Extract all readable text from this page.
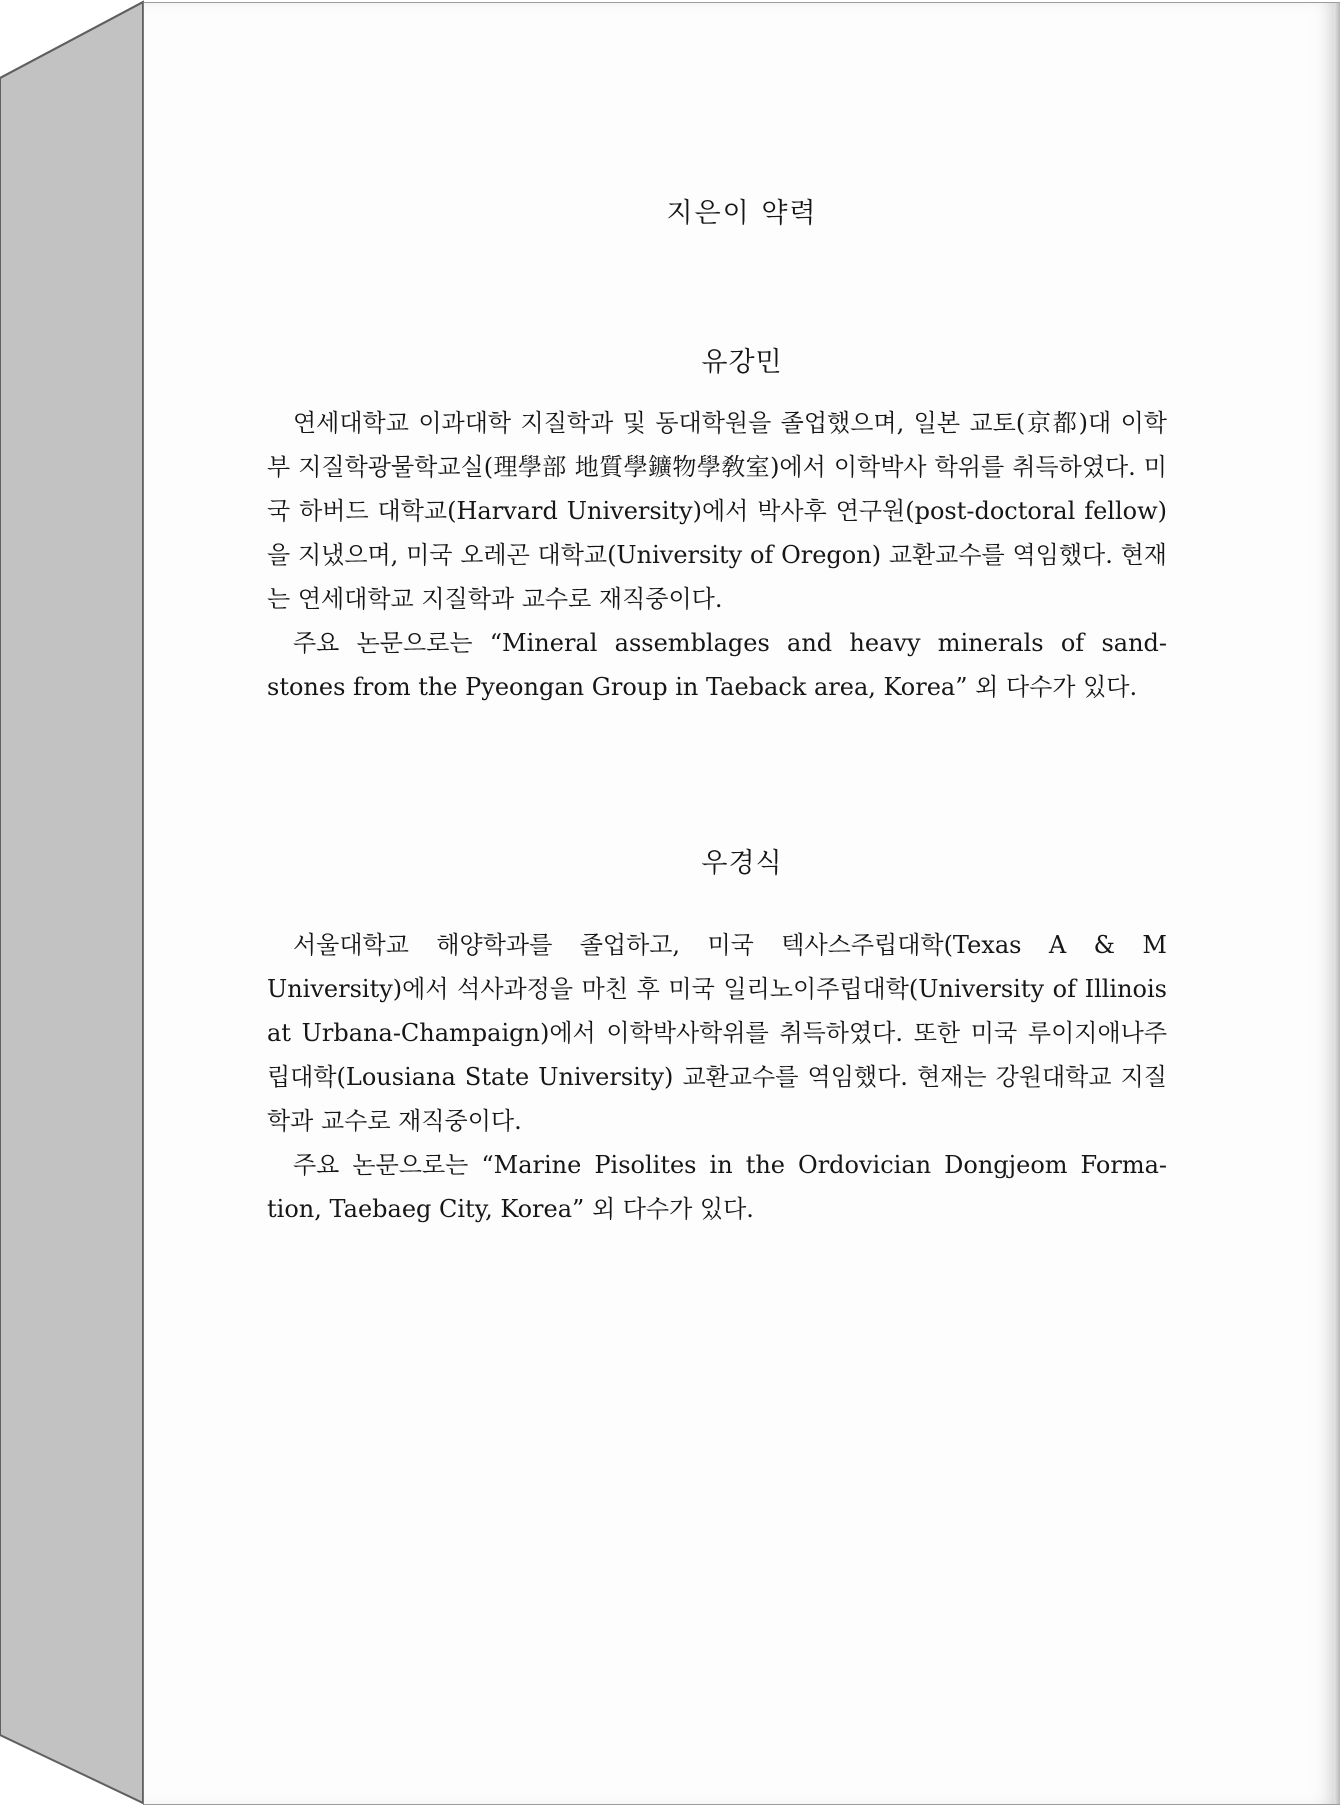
지은이 약력
유강민

연세대학교 이과대학 지질학과 및 동대학원을 졸업했으며, 일본 교토(京都)대 이학부 지질학광물학교실(理學部 地質學鑛物學敎室)에서 이학박사 학위를 취득하였다. 미국 하버드 대학교(Harvard University)에서 박사후 연구원(post-doctoral fellow)을 지냈으며, 미국 오레곤 대학교(University of Oregon) 교환교수를 역임했다. 현재는 연세대학교 지질학과 교수로 재직중이다.

주요 논문으로는 “Mineral assemblages and heavy minerals of sand-stones from the Pyeongan Group in Taeback area, Korea” 외 다수가 있다.

우경식

서울대학교 해양학과를 졸업하고, 미국 텍사스주립대학(Texas A & M University)에서 석사과정을 마친 후 미국 일리노이주립대학(University of Illinois at Urbana-Champaign)에서 이학박사학위를 취득하였다. 또한 미국 루이지애나주립대학(Lousiana State University) 교환교수를 역임했다. 현재는 강원대학교 지질학과 교수로 재직중이다.

주요 논문으로는 “Marine Pisolites in the Ordovician Dongjeom Forma-tion, Taebaeg City, Korea” 외 다수가 있다.
